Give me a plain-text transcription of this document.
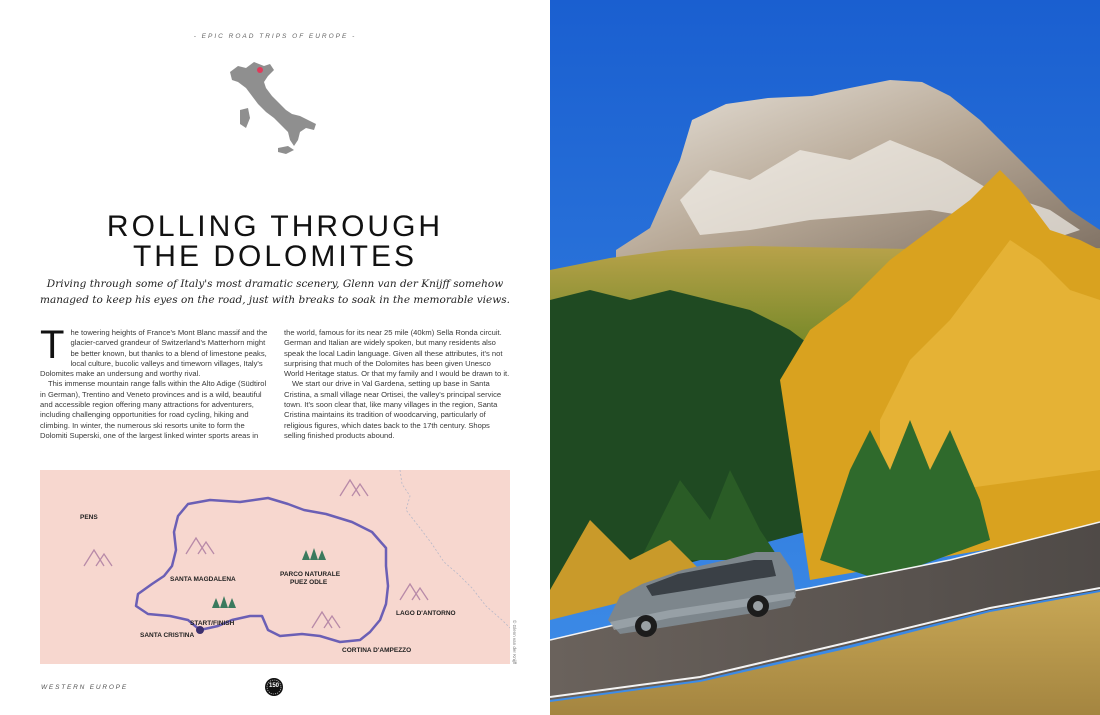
- EPIC ROAD TRIPS OF EUROPE -
ROLLING THROUGH
THE DOLOMITES
Driving through some of Italy's most dramatic scenery, Glenn van der Knijff somehow managed to keep his eyes on the road, just with breaks to soak in the memorable views.

The towering heights of France's Mont Blanc massif and the glacier-carved grandeur of Switzerland's Matterhorn might be better known, but thanks to a blend of limestone peaks, local culture, bucolic valleys and timeworn villages, Italy's Dolomites make an undersung and worthy rival.

This immense mountain range falls within the Alto Adige (Südtirol in German), Trentino and Veneto provinces and is a wild, beautiful and accessible region offering many attractions for adventurers, including challenging opportunities for road cycling, hiking and climbing. In winter, the numerous ski resorts unite to form the Dolomiti Superski, one of the largest linked winter sports areas in

the world, famous for its near 25 mile (40km) Sella Ronda circuit. German and Italian are widely spoken, but many residents also speak the local Ladin language. Given all these attributes, it's not surprising that much of the Dolomites has been given Unesco World Heritage status. Or that my family and I would be drawn to it.

We start our drive in Val Gardena, setting up base in Santa Cristina, a small village near Ortisei, the valley's principal service town. It's soon clear that, like many villages in the region, Santa Cristina maintains its tradition of woodcarving, particularly of religious figures, which dates back to the 17th century. Shops selling finished products abound.

PENS
SANTA MAGDALENA
PARCO NATURALE
PUEZ ODLE
LAGO D'ANTORNO
START/FINISH
SANTA CRISTINA
CORTINA D'AMPEZZO
WESTERN EUROPE	150
© Glenn van der Knijff
